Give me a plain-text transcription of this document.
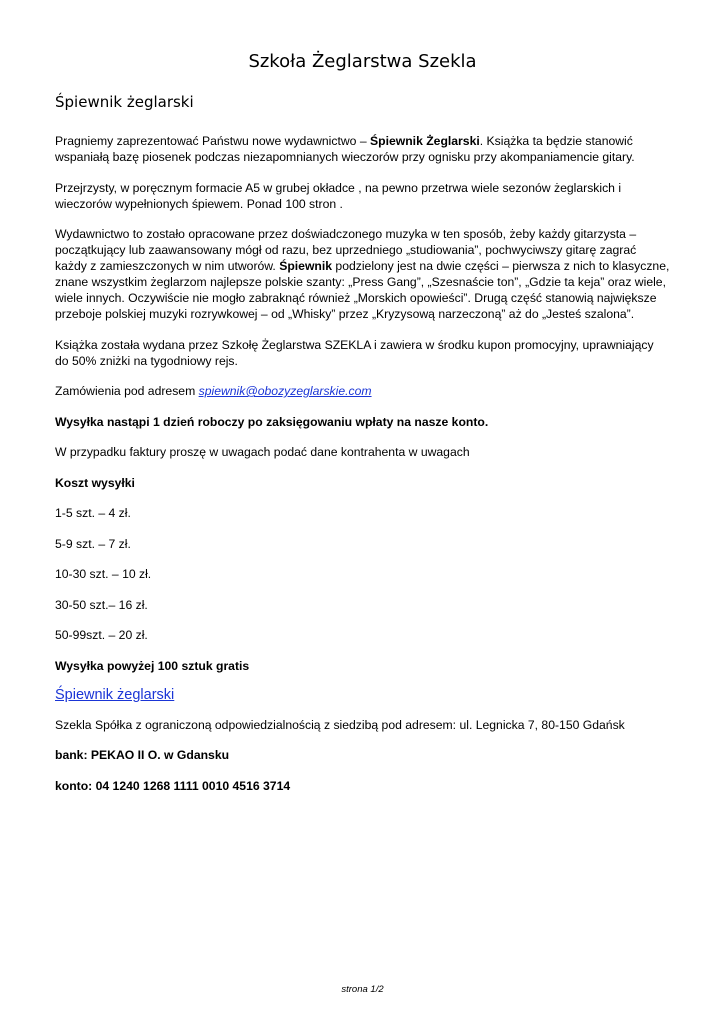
Szkoła Żeglarstwa Szekla
Śpiewnik żeglarski

Pragniemy zaprezentować Państwu nowe wydawnictwo – Śpiewnik Żeglarski. Książka ta będzie stanowić wspaniałą bazę piosenek podczas niezapomnianych wieczorów przy ognisku przy akompaniamencie gitary.

Przejrzysty, w poręcznym formacie A5 w grubej okładce , na pewno przetrwa wiele sezonów żeglarskich i wieczorów wypełnionych śpiewem. Ponad 100 stron .

Wydawnictwo to zostało opracowane przez doświadczonego muzyka w ten sposób, żeby każdy gitarzysta – początkujący lub zaawansowany mógł od razu, bez uprzedniego „studiowania”, pochwyciwszy gitarę zagrać każdy z zamieszczonych w nim utworów. Śpiewnik podzielony jest na dwie części – pierwsza z nich to klasyczne, znane wszystkim żeglarzom najlepsze polskie szanty: „Press Gang”, „Szesnaście ton”, „Gdzie ta keja” oraz wiele, wiele innych. Oczywiście nie mogło zabraknąć również „Morskich opowieści”. Drugą część stanowią największe przeboje polskiej muzyki rozrywkowej – od „Whisky” przez „Kryzysową narzeczoną” aż do „Jesteś szalona”.

Książka została wydana przez Szkołę Żeglarstwa SZEKLA i zawiera w środku kupon promocyjny, uprawniający do 50% zniżki na tygodniowy rejs.

Zamówienia pod adresem spiewnik@obozyzeglarskie.com

Wysyłka nastąpi 1 dzień roboczy po zaksięgowaniu wpłaty na nasze konto.

W przypadku faktury proszę w uwagach podać dane kontrahenta w uwagach

Koszt wysyłki

1-5 szt. – 4 zł.

5-9 szt. – 7 zł.

10-30 szt. – 10 zł.

30-50 szt.– 16 zł.

50-99szt. – 20 zł.

Wysyłka powyżej 100 sztuk gratis

Śpiewnik żeglarski

Szekla Spółka z ograniczoną odpowiedzialnością z siedzibą pod adresem: ul. Legnicka 7, 80-150 Gdańsk

bank: PEKAO II O. w Gdansku

konto: 04 1240 1268 1111 0010 4516 3714

strona 1/2
